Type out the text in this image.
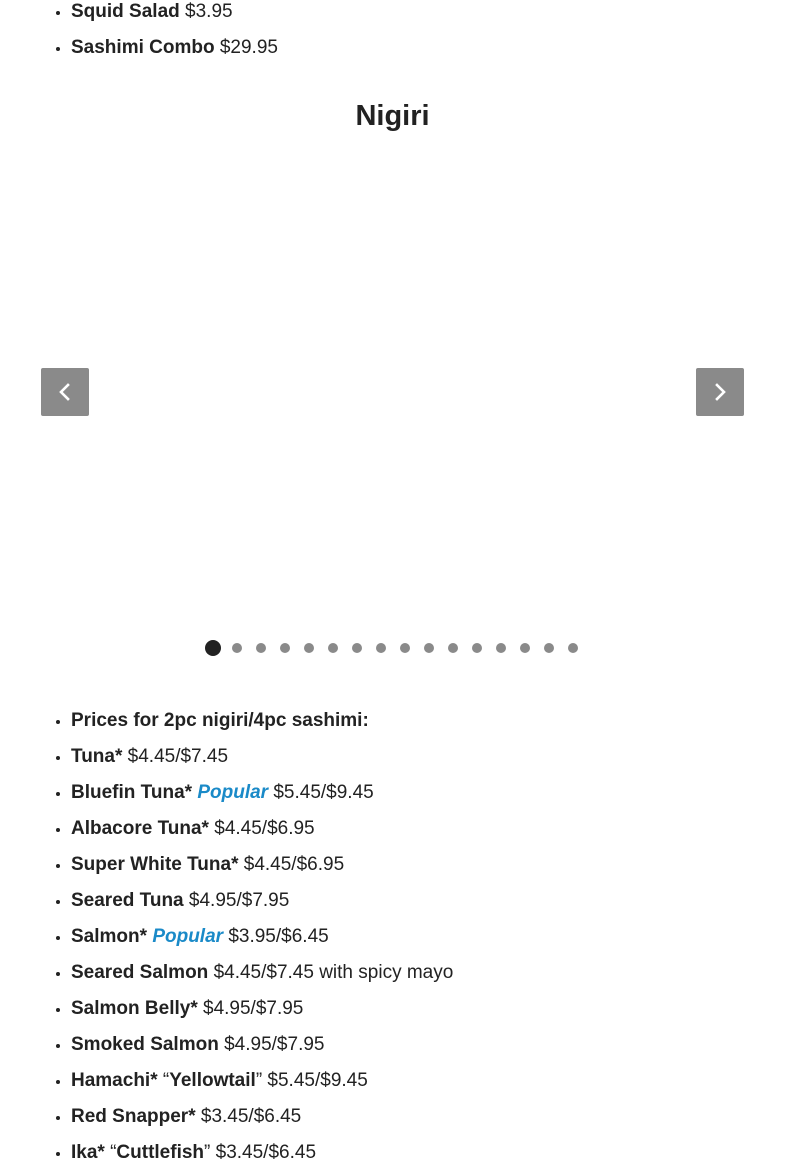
• Squid Salad $3.95
• Sashimi Combo $29.95
Nigiri
• Prices for 2pc nigiri/4pc sashimi:
• Tuna* $4.45/$7.45
• Bluefin Tuna* Popular $5.45/$9.45
• Albacore Tuna* $4.45/$6.95
• Super White Tuna* $4.45/$6.95
• Seared Tuna $4.95/$7.95
• Salmon* Popular $3.95/$6.45
• Seared Salmon $4.45/$7.45 with spicy mayo
• Salmon Belly* $4.95/$7.95
• Smoked Salmon $4.95/$7.95
• Hamachi* “Yellowtail” $5.45/$9.45
• Red Snapper* $3.45/$6.45
• Ika* “Cuttlefish” $3.45/$6.45
